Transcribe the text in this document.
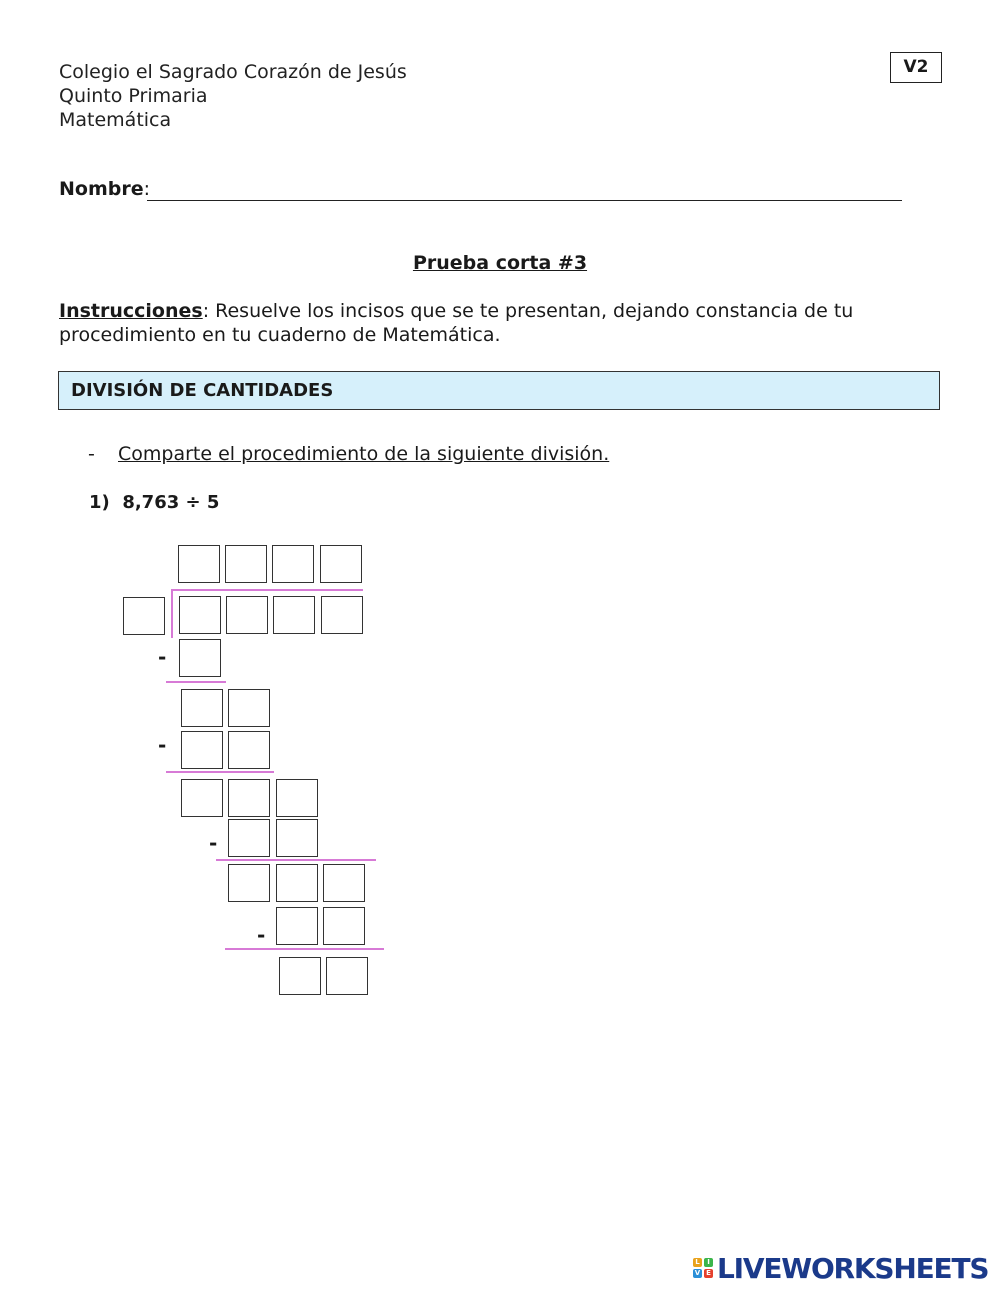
Colegio el Sagrado Corazón de Jesús
Quinto Primaria
Matemática
V2
Nombre:
Prueba corta #3
Instrucciones: Resuelve los incisos que se te presentan, dejando constancia de tu procedimiento en tu cuaderno de Matemática.
DIVISIÓN DE CANTIDADES
- Comparte el procedimiento de la siguiente división.
1) 8,763 ÷ 5
-
-
-
-
L	I
V E LIVEWORKSHEETS
